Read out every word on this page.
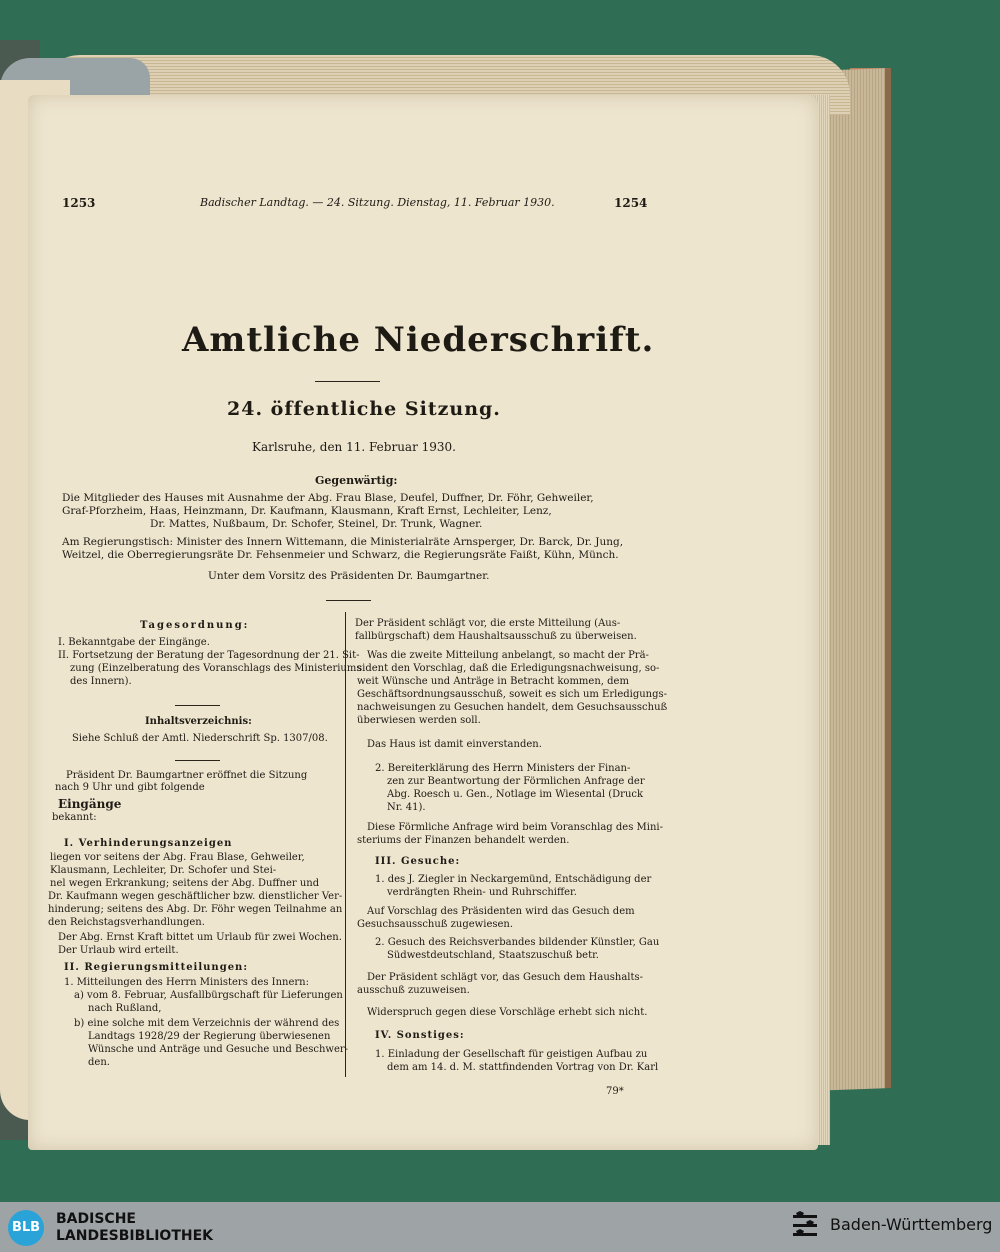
1253	Badischer Landtag. — 24. Sitzung. Dienstag, 11. Februar 1930.	1254
Amtliche Niederschrift.
24. öffentliche Sitzung.
Karlsruhe, den 11. Februar 1930.
Gegenwärtig:
Die Mitglieder des Hauses mit Ausnahme der Abg. Frau Blase, Deufel, Duffner, Dr. Föhr, Gehweiler,
Graf-Pforzheim, Haas, Heinzmann, Dr. Kaufmann, Klausmann, Kraft Ernst, Lechleiter, Lenz,
Dr. Mattes, Nußbaum, Dr. Schofer, Steinel, Dr. Trunk, Wagner.
Am Regierungstisch: Minister des Innern Wittemann, die Ministerialräte Arnsperger, Dr. Barck, Dr. Jung,
Weitzel, die Oberregierungsräte Dr. Fehsenmeier und Schwarz, die Regierungsräte Faißt, Kühn, Münch.
Unter dem Vorsitz des Präsidenten Dr. Baumgartner.
Tagesordnung:
I. Bekanntgabe der Eingänge.
II. Fortsetzung der Beratung der Tagesordnung der 21. Sit-
zung (Einzelberatung des Voranschlags des Ministeriums
des Innern).
Inhaltsverzeichnis:
Siehe Schluß der Amtl. Niederschrift Sp. 1307/08.
Präsident Dr. Baumgartner eröffnet die Sitzung
nach 9 Uhr und gibt folgende
Eingänge
bekannt:
I. Verhinderungsanzeigen
liegen vor seitens der Abg. Frau Blase, Gehweiler,
Klausmann, Lechleiter, Dr. Schofer und Stei-
nel wegen Erkrankung; seitens der Abg. Duffner und
Dr. Kaufmann wegen geschäftlicher bzw. dienstlicher Ver-
hinderung; seitens des Abg. Dr. Föhr wegen Teilnahme an
den Reichstagsverhandlungen.
Der Abg. Ernst Kraft bittet um Urlaub für zwei Wochen.
Der Urlaub wird erteilt.
II. Regierungsmitteilungen:
1. Mitteilungen des Herrn Ministers des Innern:
a) vom 8. Februar, Ausfallbürgschaft für Lieferungen
nach Rußland,
b) eine solche mit dem Verzeichnis der während des
Landtags 1928/29 der Regierung überwiesenen
Wünsche und Anträge und Gesuche und Beschwer-
den.
Der Präsident schlägt vor, die erste Mitteilung (Aus-
fallbürgschaft) dem Haushaltsausschuß zu überweisen.
Was die zweite Mitteilung anbelangt, so macht der Prä-
sident den Vorschlag, daß die Erledigungsnachweisung, so-
weit Wünsche und Anträge in Betracht kommen, dem
Geschäftsordnungsausschuß, soweit es sich um Erledigungs-
nachweisungen zu Gesuchen handelt, dem Gesuchsausschuß
überwiesen werden soll.
Das Haus ist damit einverstanden.
2. Bereiterklärung des Herrn Ministers der Finan-
zen zur Beantwortung der Förmlichen Anfrage der
Abg. Roesch u. Gen., Notlage im Wiesental (Druck
Nr. 41).
Diese Förmliche Anfrage wird beim Voranschlag des Mini-
steriums der Finanzen behandelt werden.
III. Gesuche:
1. des J. Ziegler in Neckargemünd, Entschädigung der
verdrängten Rhein- und Ruhrschiffer.
Auf Vorschlag des Präsidenten wird das Gesuch dem
Gesuchsausschuß zugewiesen.
2. Gesuch des Reichsverbandes bildender Künstler, Gau
Südwestdeutschland, Staatszuschuß betr.
Der Präsident schlägt vor, das Gesuch dem Haushalts-
ausschuß zuzuweisen.
Widerspruch gegen diese Vorschläge erhebt sich nicht.
IV. Sonstiges:
1. Einladung der Gesellschaft für geistigen Aufbau zu
dem am 14. d. M. stattfindenden Vortrag von Dr. Karl
79*
BLB
BADISCHE
LANDESBIBLIOTHEK
Baden-Württemberg
